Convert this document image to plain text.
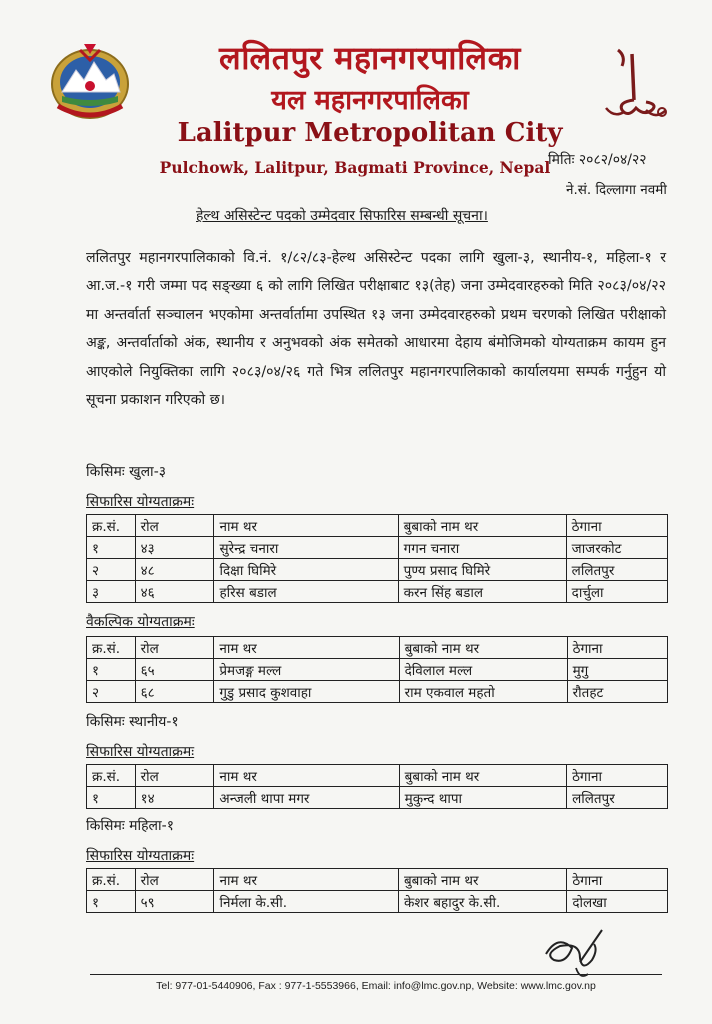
ललितपुर महानगरपालिका
यल महानगरपालिका
Lalitpur Metropolitan City
Pulchowk, Lalitpur, Bagmati Province, Nepal
मितिः २०८२/०४/२२
ने.सं. दिल्लागा नवमी
हेल्थ असिस्टेन्ट पदको उम्मेदवार सिफारिस सम्बन्धी सूचना।
ललितपुर महानगरपालिकाको वि.नं. १/८२/८३-हेल्थ असिस्टेन्ट पदका लागि खुला-३, स्थानीय-१, महिला-१ र आ.ज.-१ गरी जम्मा पद सङ्ख्या ६ को लागि लिखित परीक्षाबाट १३(तेह) जना उम्मेदवारहरुको मिति २०८३/०४/२२ मा अन्तर्वार्ता सञ्चालन भएकोमा अन्तर्वार्तामा उपस्थित १३ जना उम्मेदवारहरुको प्रथम चरणको लिखित परीक्षाको अङ्क, अन्तर्वार्ताको अंक, स्थानीय र अनुभवको अंक समेतको आधारमा देहाय बंमोजिमको योग्यताक्रम कायम हुन आएकोले नियुक्तिका लागि २०८३/०४/२६ गते भित्र ललितपुर महानगरपालिकाको कार्यालयमा सम्पर्क गर्नुहुन यो सूचना प्रकाशन गरिएको छ।
किसिमः खुला-३
सिफारिस योग्यताक्रमः
क्र.सं.	रोल	नाम थर	बुबाको नाम थर	ठेगाना
१	४३	सुरेन्द्र चनारा	गगन चनारा	जाजरकोट
२	४८	दिक्षा घिमिरे	पुण्य प्रसाद घिमिरे	ललितपुर
३	४६	हरिस बडाल	करन सिंह बडाल	दार्चुला
वैकल्पिक योग्यताक्रमः
क्र.सं.	रोल	नाम थर	बुबाको नाम थर	ठेगाना
१	६५	प्रेमजङ्ग मल्ल	देविलाल मल्ल	मुगु
२	६८	गुडु प्रसाद कुशवाहा	राम एकवाल महतो	रौतहट
किसिमः स्थानीय-१
सिफारिस योग्यताक्रमः
क्र.सं.	रोल	नाम थर	बुबाको नाम थर	ठेगाना
१	१४	अन्जली थापा मगर	मुकुन्द थापा	ललितपुर
किसिमः महिला-१
सिफारिस योग्यताक्रमः
क्र.सं.	रोल	नाम थर	बुबाको नाम थर	ठेगाना
१	५९	निर्मला के.सी.	केशर बहादुर के.सी.	दोलखा
Tel: 977-01-5440906, Fax : 977-1-5553966, Email: info@lmc.gov.np, Website: www.lmc.gov.np
